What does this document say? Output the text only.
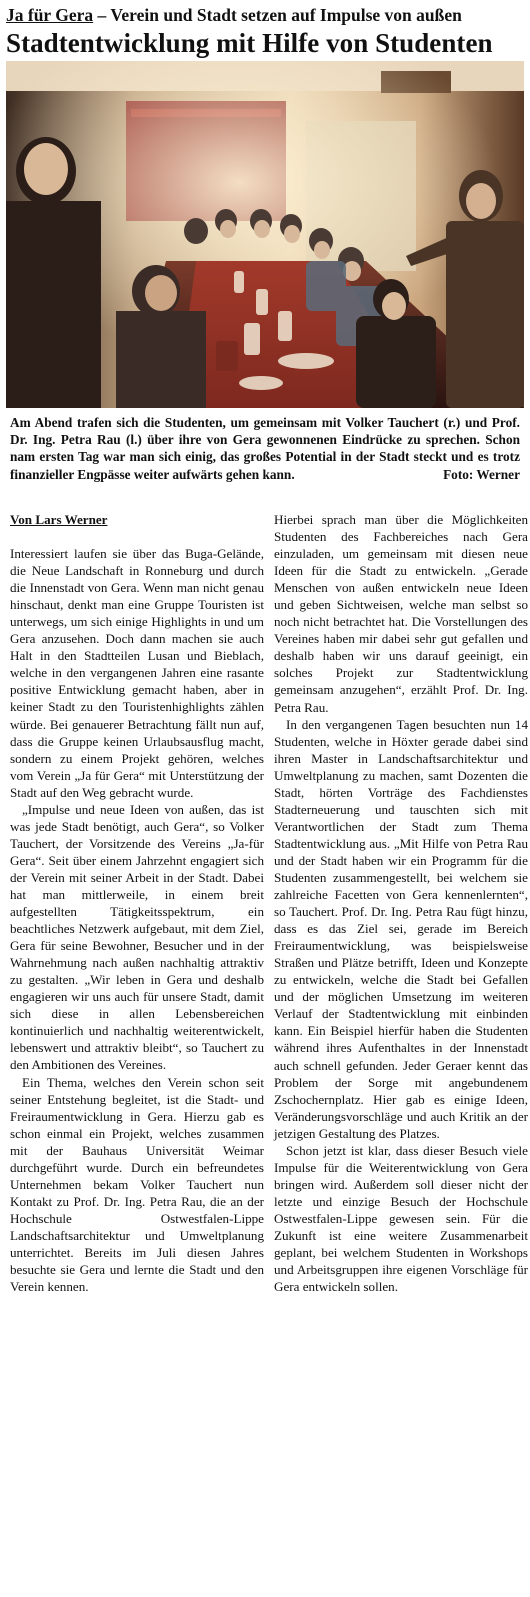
Ja für Gera – Verein und Stadt setzen auf Impulse von außen
Stadtentwicklung mit Hilfe von Studenten
Am Abend trafen sich die Studenten, um gemeinsam mit Volker Tauchert (r.) und Prof. Dr. Ing. Petra Rau (l.) über ihre von Gera gewonnenen Eindrücke zu sprechen. Schon nam ersten Tag war man sich einig, das großes Potential in der Stadt steckt und es trotz finanzieller Engpässe weiter aufwärts gehen kann.	Foto: Werner

Von Lars Werner

Interessiert laufen sie über das Buga-Gelände, die Neue Landschaft in Ronneburg und durch die Innenstadt von Gera. Wenn man nicht genau hinschaut, denkt man eine Gruppe Touristen ist unterwegs, um sich einige Highlights in und um Gera anzusehen. Doch dann machen sie auch Halt in den Stadtteilen Lusan und Bieblach, welche in den vergangenen Jahren eine rasante positive Entwicklung gemacht haben, aber in keiner Stadt zu den Touristenhighlights zählen würde. Bei genauerer Betrachtung fällt nun auf, dass die Gruppe keinen Urlaubsausflug macht, sondern zu einem Projekt gehören, welches vom Verein „Ja für Gera“ mit Unterstützung der Stadt auf den Weg gebracht wurde.

„Impulse und neue Ideen von außen, das ist was jede Stadt benötigt, auch Gera“, so Volker Tauchert, der Vorsitzende des Vereins „Ja-für Gera“. Seit über einem Jahrzehnt engagiert sich der Verein mit seiner Arbeit in der Stadt. Dabei hat man mittlerweile, in einem breit aufgestellten Tätigkeitsspektrum, ein beachtliches Netzwerk aufgebaut, mit dem Ziel, Gera für seine Bewohner, Besucher und in der Wahrnehmung nach außen nachhaltig attraktiv zu gestalten. „Wir leben in Gera und deshalb engagieren wir uns auch für unsere Stadt, damit sich diese in allen Lebensbereichen kontinuierlich und nachhaltig weiterentwickelt, lebenswert und attraktiv bleibt“, so Tauchert zu den Ambitionen des Vereines.

Ein Thema, welches den Verein schon seit seiner Entstehung begleitet, ist die Stadt- und Freiraumentwicklung in Gera. Hierzu gab es schon einmal ein Projekt, welches zusammen mit der Bauhaus Universität Weimar durchgeführt wurde. Durch ein befreundetes Unternehmen bekam Volker Tauchert nun Kontakt zu Prof. Dr. Ing. Petra Rau, die an der Hochschule Ostwestfalen-Lippe Landschaftsarchitektur und Umweltplanung unterrichtet. Bereits im Juli diesen Jahres besuchte sie Gera und lernte die Stadt und den Verein kennen.

Hierbei sprach man über die Möglichkeiten Studenten des Fachbereiches nach Gera einzuladen, um gemeinsam mit diesen neue Ideen für die Stadt zu entwickeln. „Gerade Menschen von außen entwickeln neue Ideen und geben Sichtweisen, welche man selbst so noch nicht betrachtet hat. Die Vorstellungen des Vereines haben mir dabei sehr gut gefallen und deshalb haben wir uns darauf geeinigt, ein solches Projekt zur Stadtentwicklung gemeinsam anzugehen“, erzählt Prof. Dr. Ing. Petra Rau.

In den vergangenen Tagen besuchten nun 14 Studenten, welche in Höxter gerade dabei sind ihren Master in Landschaftsarchitektur und Umweltplanung zu machen, samt Dozenten die Stadt, hörten Vorträge des Fachdienstes Stadterneuerung und tauschten sich mit Verantwortlichen der Stadt zum Thema Stadtentwicklung aus. „Mit Hilfe von Petra Rau und der Stadt haben wir ein Programm für die Studenten zusammengestellt, bei welchem sie zahlreiche Facetten von Gera kennenlernten“, so Tauchert. Prof. Dr. Ing. Petra Rau fügt hinzu, dass es das Ziel sei, gerade im Bereich Freiraumentwicklung, was beispielsweise Straßen und Plätze betrifft, Ideen und Konzepte zu entwickeln, welche die Stadt bei Gefallen und der möglichen Umsetzung im weiteren Verlauf der Stadtentwicklung mit einbinden kann. Ein Beispiel hierfür haben die Studenten während ihres Aufenthaltes in der Innenstadt auch schnell gefunden. Jeder Geraer kennt das Problem der Sorge mit angebundenem Zschochernplatz. Hier gab es einige Ideen, Veränderungsvorschläge und auch Kritik an der jetzigen Gestaltung des Platzes.

Schon jetzt ist klar, dass dieser Besuch viele Impulse für die Weiterentwicklung von Gera bringen wird. Außerdem soll dieser nicht der letzte und einzige Besuch der Hochschule Ostwestfalen-Lippe gewesen sein. Für die Zukunft ist eine weitere Zusammenarbeit geplant, bei welchem Studenten in Workshops und Arbeitsgruppen ihre eigenen Vorschläge für Gera entwickeln sollen.
